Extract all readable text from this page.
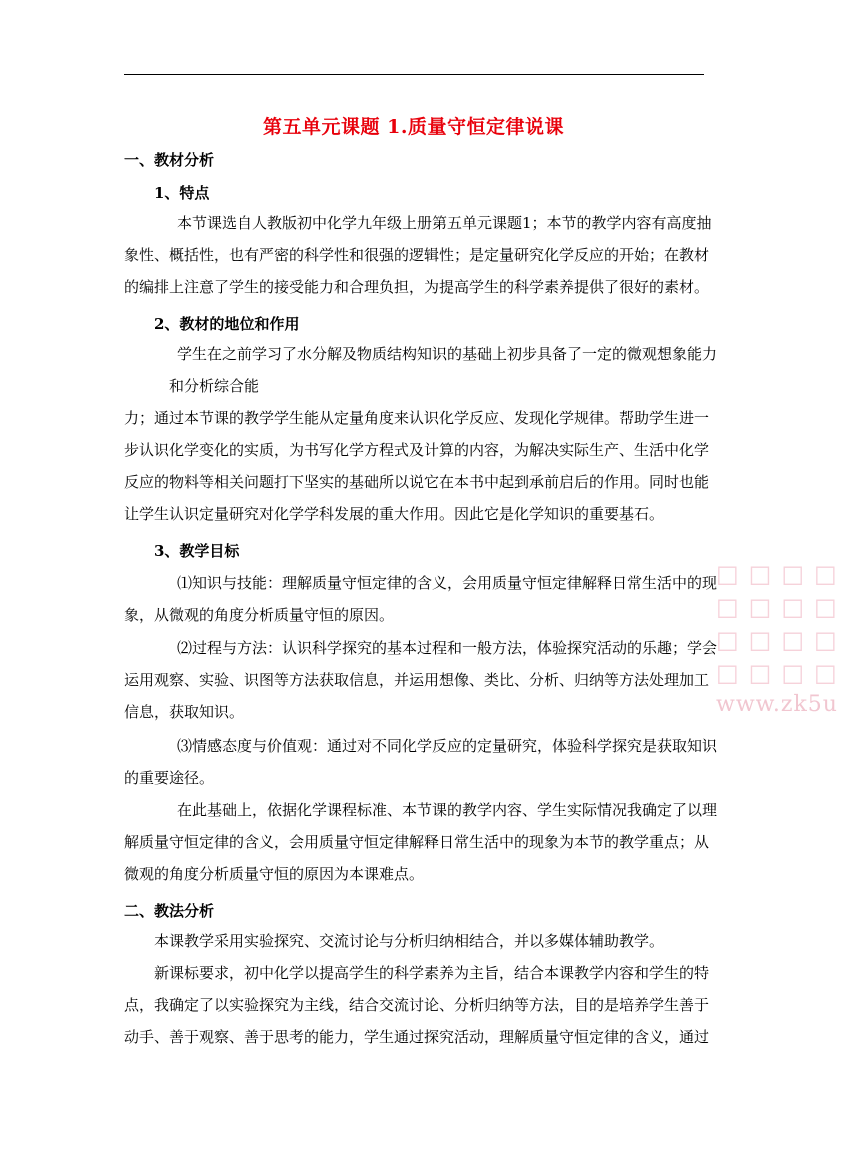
第五单元课题 1.质量守恒定律说课
一、教材分析
1、特点
本节课选自人教版初中化学九年级上册第五单元课题1；本节的教学内容有高度抽
象性、概括性，也有严密的科学性和很强的逻辑性；是定量研究化学反应的开始；在教材
的编排上注意了学生的接受能力和合理负担，为提高学生的科学素养提供了很好的素材。
2、教材的地位和作用
学生在之前学习了水分解及物质结构知识的基础上初步具备了一定的微观想象能力
和分析综合能
力；通过本节课的教学学生能从定量角度来认识化学反应、发现化学规律。帮助学生进一
步认识化学变化的实质，为书写化学方程式及计算的内容，为解决实际生产、生活中化学
反应的物料等相关问题打下坚实的基础所以说它在本书中起到承前启后的作用。同时也能
让学生认识定量研究对化学学科发展的重大作用。因此它是化学知识的重要基石。
3、教学目标
⑴知识与技能：理解质量守恒定律的含义，会用质量守恒定律解释日常生活中的现
象，从微观的角度分析质量守恒的原因。
⑵过程与方法：认识科学探究的基本过程和一般方法，体验探究活动的乐趣；学会
运用观察、实验、识图等方法获取信息，并运用想像、类比、分析、归纳等方法处理加工
信息，获取知识。
⑶情感态度与价值观：通过对不同化学反应的定量研究，体验科学探究是获取知识
的重要途径。
在此基础上，依据化学课程标准、本节课的教学内容、学生实际情况我确定了以理
解质量守恒定律的含义，会用质量守恒定律解释日常生活中的现象为本节的教学重点；从
微观的角度分析质量守恒的原因为本课难点。
二、教法分析
本课教学采用实验探究、交流讨论与分析归纳相结合，并以多媒体辅助教学。
新课标要求，初中化学以提高学生的科学素养为主旨，结合本课教学内容和学生的特
点，我确定了以实验探究为主线，结合交流讨论、分析归纳等方法，目的是培养学生善于
动手、善于观察、善于思考的能力，学生通过探究活动，理解质量守恒定律的含义，通过
□□□□
□□□□
□□□□
□□□□
www.zk5u
